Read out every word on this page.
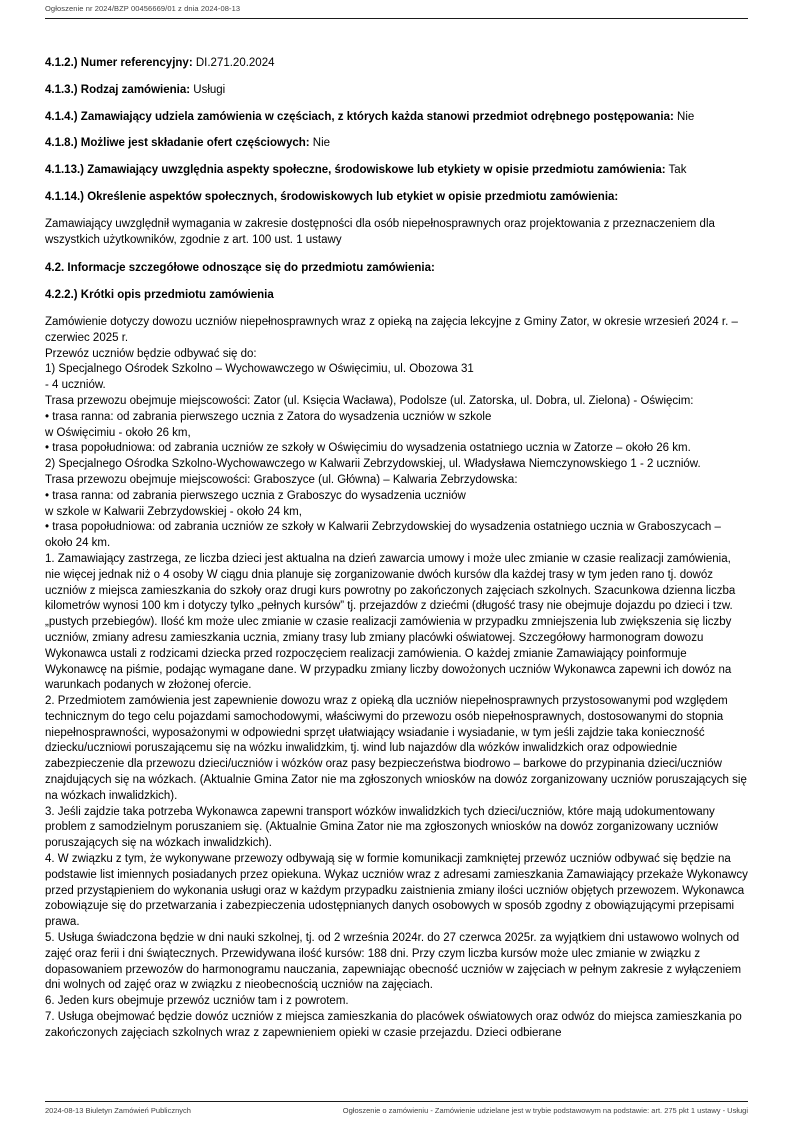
Ogłoszenie nr 2024/BZP 00456669/01 z dnia 2024-08-13

4.1.2.) Numer referencyjny: DI.271.20.2024

4.1.3.) Rodzaj zamówienia: Usługi

4.1.4.) Zamawiający udziela zamówienia w częściach, z których każda stanowi przedmiot odrębnego postępowania: Nie

4.1.8.) Możliwe jest składanie ofert częściowych: Nie

4.1.13.) Zamawiający uwzględnia aspekty społeczne, środowiskowe lub etykiety w opisie przedmiotu zamówienia: Tak

4.1.14.) Określenie aspektów społecznych, środowiskowych lub etykiet w opisie przedmiotu zamówienia:

Zamawiający uwzględnił wymagania w zakresie dostępności dla osób niepełnosprawnych oraz projektowania z przeznaczeniem dla wszystkich użytkowników, zgodnie z art. 100 ust. 1 ustawy

4.2. Informacje szczegółowe odnoszące się do przedmiotu zamówienia:

4.2.2.) Krótki opis przedmiotu zamówienia

Zamówienie dotyczy dowozu uczniów niepełnosprawnych wraz z opieką na zajęcia lekcyjne z Gminy Zator, w okresie wrzesień 2024 r. – czerwiec 2025 r.
Przewóz uczniów będzie odbywać się do:
1) Specjalnego Ośrodek Szkolno – Wychowawczego w Oświęcimiu, ul. Obozowa 31
- 4 uczniów.
Trasa przewozu obejmuje miejscowości: Zator (ul. Księcia Wacława), Podolsze (ul. Zatorska, ul. Dobra, ul. Zielona) - Oświęcim:
• trasa ranna: od zabrania pierwszego ucznia z Zatora do wysadzenia uczniów w szkole
w Oświęcimiu - około 26 km,
• trasa popołudniowa: od zabrania uczniów ze szkoły w Oświęcimiu do wysadzenia ostatniego ucznia w Zatorze – około 26 km.
2) Specjalnego Ośrodka Szkolno-Wychowawczego w Kalwarii Zebrzydowskiej, ul. Władysława Niemczynowskiego 1 - 2 uczniów.
Trasa przewozu obejmuje miejscowości: Graboszyce (ul. Główna) – Kalwaria Zebrzydowska:
• trasa ranna: od zabrania pierwszego ucznia z Graboszyc do wysadzenia uczniów
w szkole w Kalwarii Zebrzydowskiej - około 24 km,
• trasa popołudniowa: od zabrania uczniów ze szkoły w Kalwarii Zebrzydowskiej do wysadzenia ostatniego ucznia w Graboszycach – około 24 km.
1. Zamawiający zastrzega, ze liczba dzieci jest aktualna na dzień zawarcia umowy i może ulec zmianie w czasie realizacji zamówienia, nie więcej jednak niż o 4 osoby W ciągu dnia planuje się zorganizowanie dwóch kursów dla każdej trasy w tym jeden rano tj. dowóz uczniów z miejsca zamieszkania do szkoły oraz drugi kurs powrotny po zakończonych zajęciach szkolnych. Szacunkowa dzienna liczba kilometrów wynosi 100 km i dotyczy tylko „pełnych kursów” tj. przejazdów z dziećmi (długość trasy nie obejmuje dojazdu po dzieci i tzw. „pustych przebiegów). Ilość km może ulec zmianie w czasie realizacji zamówienia w przypadku zmniejszenia lub zwiększenia się liczby uczniów, zmiany adresu zamieszkania ucznia, zmiany trasy lub zmiany placówki oświatowej. Szczegółowy harmonogram dowozu Wykonawca ustali z rodzicami dziecka przed rozpoczęciem realizacji zamówienia. O każdej zmianie Zamawiający poinformuje Wykonawcę na piśmie, podając wymagane dane. W przypadku zmiany liczby dowożonych uczniów Wykonawca zapewni ich dowóz na warunkach podanych w złożonej ofercie.
2. Przedmiotem zamówienia jest zapewnienie dowozu wraz z opieką dla uczniów niepełnosprawnych przystosowanymi pod względem technicznym do tego celu pojazdami samochodowymi, właściwymi do przewozu osób niepełnosprawnych, dostosowanymi do stopnia niepełnosprawności, wyposażonymi w odpowiedni sprzęt ułatwiający wsiadanie i wysiadanie, w tym jeśli zajdzie taka konieczność dziecku/uczniowi poruszającemu się na wózku inwalidzkim, tj. wind lub najazdów dla wózków inwalidzkich oraz odpowiednie zabezpieczenie dla przewozu dzieci/uczniów i wózków oraz pasy bezpieczeństwa biodrowo – barkowe do przypinania dzieci/uczniów znajdujących się na wózkach. (Aktualnie Gmina Zator nie ma zgłoszonych wniosków na dowóz zorganizowany uczniów poruszających się na wózkach inwalidzkich).
3. Jeśli zajdzie taka potrzeba Wykonawca zapewni transport wózków inwalidzkich tych dzieci/uczniów, które mają udokumentowany problem z samodzielnym poruszaniem się. (Aktualnie Gmina Zator nie ma zgłoszonych wniosków na dowóz zorganizowany uczniów poruszających się na wózkach inwalidzkich).
4. W związku z tym, że wykonywane przewozy odbywają się w formie komunikacji zamkniętej przewóz uczniów odbywać się będzie na podstawie list imiennych posiadanych przez opiekuna. Wykaz uczniów wraz z adresami zamieszkania Zamawiający przekaże Wykonawcy przed przystąpieniem do wykonania usługi oraz w każdym przypadku zaistnienia zmiany ilości uczniów objętych przewozem. Wykonawca zobowiązuje się do przetwarzania i zabezpieczenia udostępnianych danych osobowych w sposób zgodny z obowiązującymi przepisami prawa.
5. Usługa świadczona będzie w dni nauki szkolnej, tj. od 2 września 2024r. do 27 czerwca 2025r. za wyjątkiem dni ustawowo wolnych od zajęć oraz ferii i dni świątecznych. Przewidywana ilość kursów: 188 dni. Przy czym liczba kursów może ulec zmianie w związku z dopasowaniem przewozów do harmonogramu nauczania, zapewniając obecność uczniów w zajęciach w pełnym zakresie z wyłączeniem dni wolnych od zajęć oraz w związku z nieobecnością uczniów na zajęciach.
6. Jeden kurs obejmuje przewóz uczniów tam i z powrotem.
7. Usługa obejmować będzie dowóz uczniów z miejsca zamieszkania do placówek oświatowych oraz odwóz do miejsca zamieszkania po zakończonych zajęciach szkolnych wraz z zapewnieniem opieki w czasie przejazdu. Dzieci odbierane
2024-08-13 Biuletyn Zamówień Publicznych	Ogłoszenie o zamówieniu - Zamówienie udzielane jest w trybie podstawowym na podstawie: art. 275 pkt 1 ustawy - Usługi
